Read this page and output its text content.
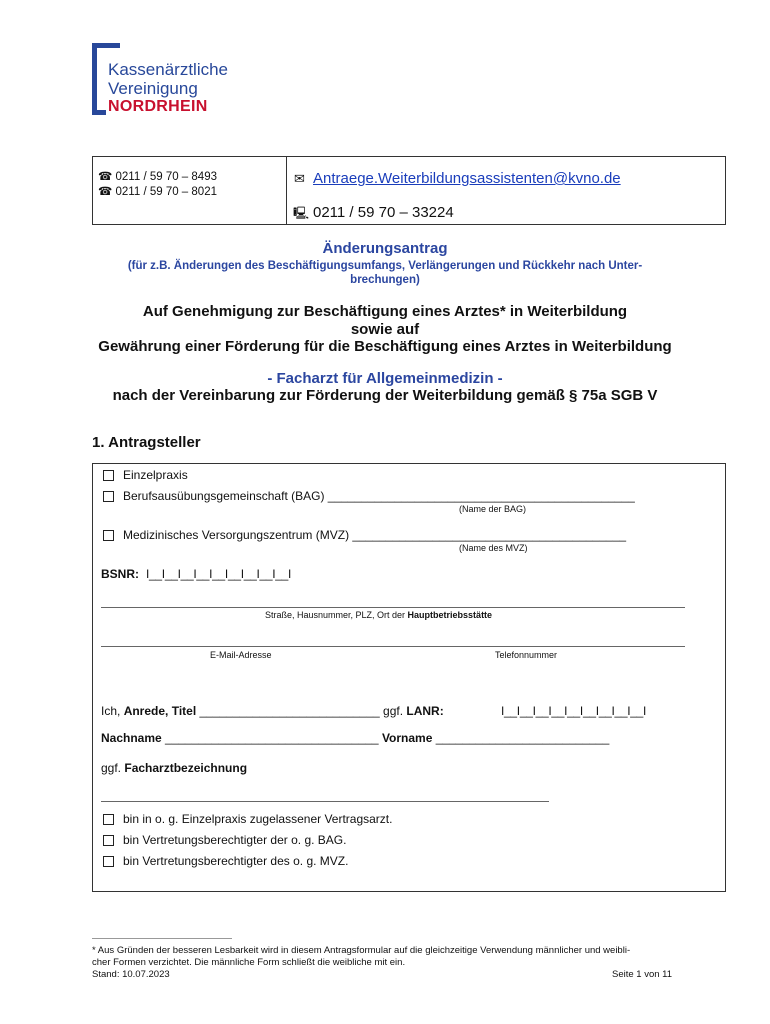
Kassenärztliche
Vereinigung
NORDRHEIN
☎ 0211 / 59 70 – 8493
☎ 0211 / 59 70 – 8021
✉ Antraege.Weiterbildungsassistenten@kvno.de
🖳 0211 / 59 70 – 33224
Änderungsantrag
(für z.B. Änderungen des Beschäftigungsumfangs, Verlängerungen und Rückkehr nach Unter-
brechungen)
Auf Genehmigung zur Beschäftigung eines Arztes* in Weiterbildung
sowie auf
Gewährung einer Förderung für die Beschäftigung eines Arztes in Weiterbildung
- Facharzt für Allgemeinmedizin -
nach der Vereinbarung zur Förderung der Weiterbildung gemäß § 75a SGB V
1. Antragsteller
Einzelpraxis
Berufsausübungsgemeinschaft (BAG) ______________________________________________
(Name der BAG)
Medizinisches Versorgungszentrum (MVZ) _________________________________________
(Name des MVZ)
BSNR: I__I__I__I__I__I__I__I__I__I
Straße, Hausnummer, PLZ, Ort der Hauptbetriebsstätte
E-Mail-Adresse	Telefonnummer
Ich, Anrede, Titel ___________________________ ggf. LANR:	I__I__I__I__I__I__I__I__I__I
Nachname ________________________________ Vorname __________________________
ggf. Facharztbezeichnung
bin in o. g. Einzelpraxis zugelassener Vertragsarzt.
bin Vertretungsberechtigter der o. g. BAG.
bin Vertretungsberechtigter des o. g. MVZ.
* Aus Gründen der besseren Lesbarkeit wird in diesem Antragsformular auf die gleichzeitige Verwendung männlicher und weibli-
cher Formen verzichtet. Die männliche Form schließt die weibliche mit ein.
Stand: 10.07.2023	Seite 1 von 11
